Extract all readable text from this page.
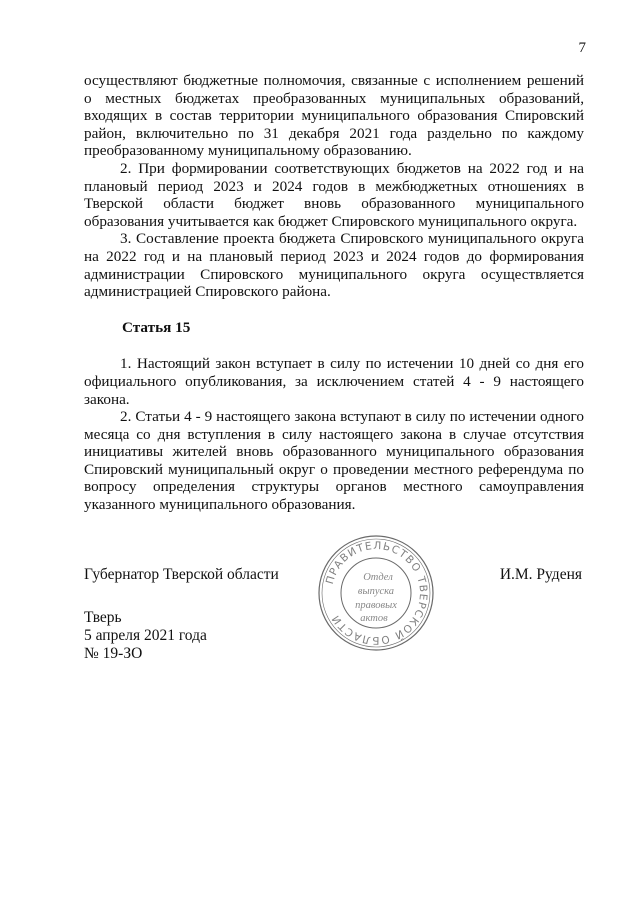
7

осуществляют бюджетные полномочия, связанные с исполнением решений о местных бюджетах преобразованных муниципальных образований, входящих в состав территории муниципального образования Спировский район, включительно по 31 декабря 2021 года раздельно по каждому преобразованному муниципальному образованию.

2. При формировании соответствующих бюджетов на 2022 год и на плановый период 2023 и 2024 годов в межбюджетных отношениях в Тверской области бюджет вновь образованного муниципального образования учитывается как бюджет Спировского муниципального округа.

3. Составление проекта бюджета Спировского муниципального округа на 2022 год и на плановый период 2023 и 2024 годов до формирования администрации Спировского муниципального округа осуществляется администрацией Спировского района.

Статья 15

1. Настоящий закон вступает в силу по истечении 10 дней со дня его официального опубликования, за исключением статей 4 - 9 настоящего закона.

2. Статьи 4 - 9 настоящего закона вступают в силу по истечении одного месяца со дня вступления в силу настоящего закона в случае отсутствия инициативы жителей вновь образованного муниципального образования Спировский муниципальный округ о проведении местного референдума по вопросу определения структуры органов местного самоуправления указанного муниципального образования.

Губернатор Тверской области	И.М. Руденя
Тверь
5 апреля 2021 года
№ 19-ЗО
ПРАВИТЕЛЬСТВО ТВЕРСКОЙ ОБЛАСТИ
Отдел
выпуска
правовых
актов
